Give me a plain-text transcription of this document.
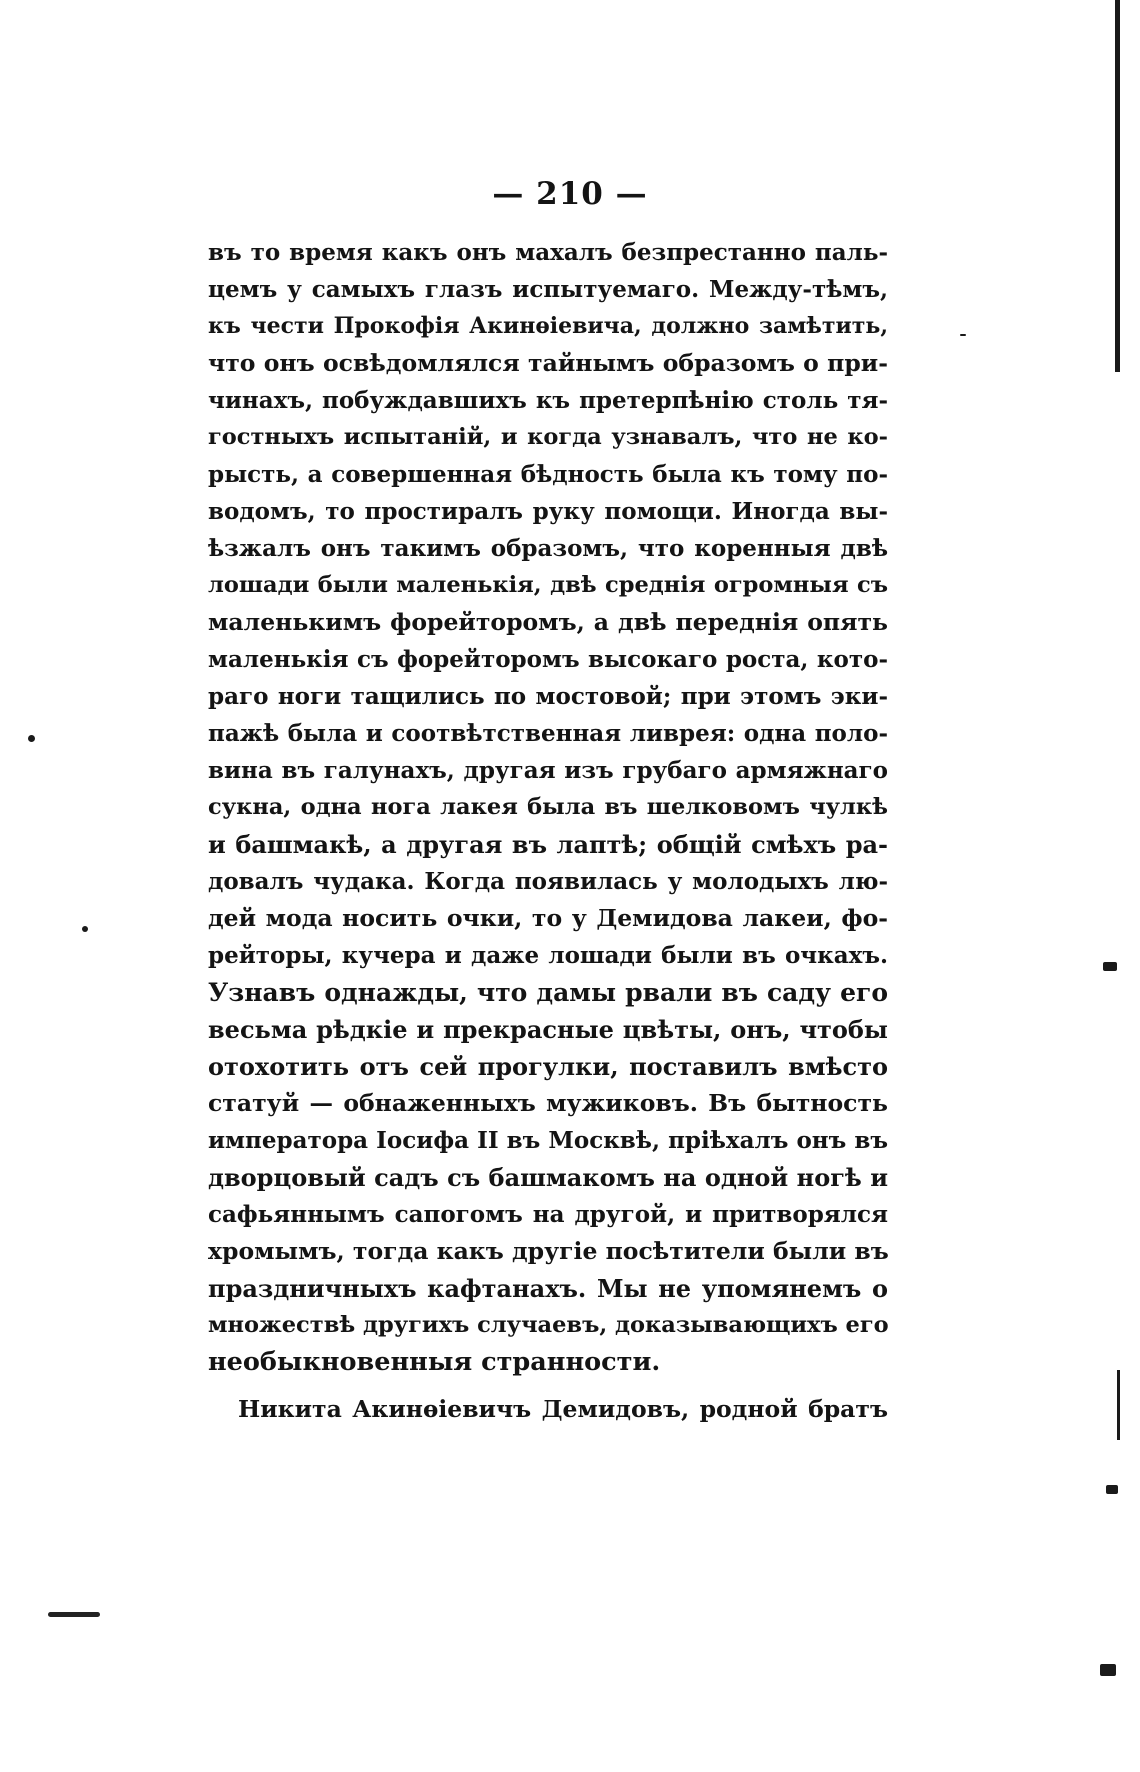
— 210 —
въ то время какъ онъ махалъ безпрестанно паль-
цемъ у самыхъ глазъ испытуемаго. Между-тѣмъ,
къ чести Прокофія Акинѳіевича, должно замѣтить,
что онъ освѣдомлялся тайнымъ образомъ о при-
чинахъ, побуждавшихъ къ претерпѣнію столь тя-
гостныхъ испытаній, и когда узнавалъ, что не ко-
рысть, а совершенная бѣдность была къ тому по-
водомъ, то простиралъ руку помощи. Иногда вы-
ѣзжалъ онъ такимъ образомъ, что коренныя двѣ
лошади были маленькія, двѣ среднія огромныя съ
маленькимъ форейторомъ, а двѣ переднія опять
маленькія съ форейторомъ высокаго роста, кото-
раго ноги тащились по мостовой; при этомъ эки-
пажѣ была и соотвѣтственная ливрея: одна поло-
вина въ галунахъ, другая изъ грубаго армяжнаго
сукна, одна нога лакея была въ шелковомъ чулкѣ
и башмакѣ, а другая въ лаптѣ; общій смѣхъ ра-
довалъ чудака. Когда появилась у молодыхъ лю-
дей мода носить очки, то у Демидова лакеи, фо-
рейторы, кучера и даже лошади были въ очкахъ.
Узнавъ однажды, что дамы рвали въ саду его
весьма рѣдкіе и прекрасные цвѣты, онъ, чтобы
отохотить отъ сей прогулки, поставилъ вмѣсто
статуй — обнаженныхъ мужиковъ. Въ бытность
императора Іосифа II въ Москвѣ, пріѣхалъ онъ въ
дворцовый садъ съ башмакомъ на одной ногѣ и
сафьяннымъ сапогомъ на другой, и притворялся
хромымъ, тогда какъ другіе посѣтители были въ
праздничныхъ кафтанахъ. Мы не упомянемъ о
множествѣ другихъ случаевъ, доказывающихъ его
необыкновенныя странности.
Никита Акинѳіевичъ Демидовъ, родной братъ
